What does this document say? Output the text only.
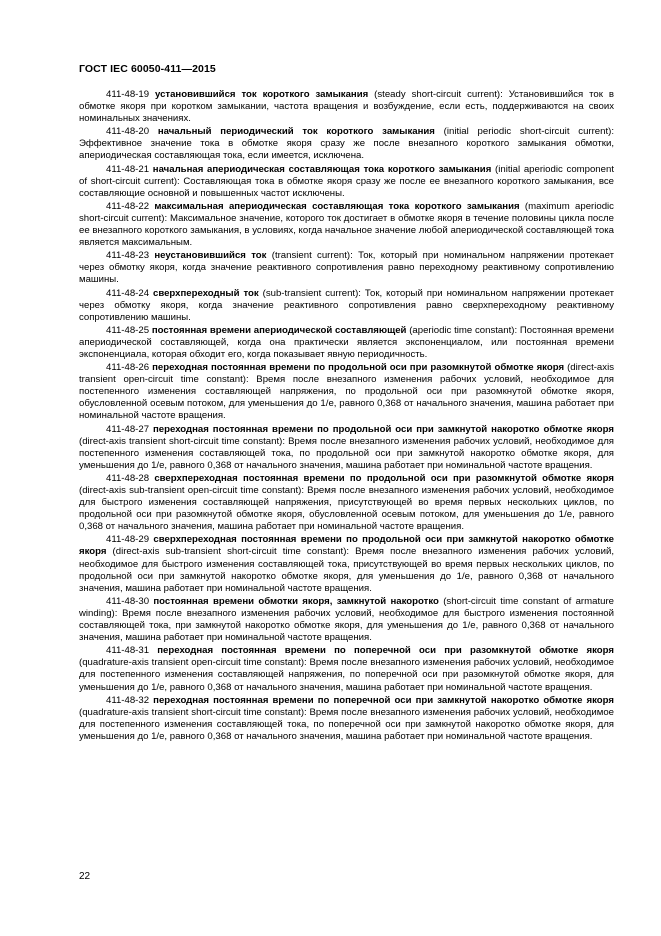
ГОСТ IEC 60050-411—2015

411-48-19 установившийся ток короткого замыкания (steady short-circuit current): Установившийся ток в обмотке якоря при коротком замыкании, частота вращения и возбуждение, если есть, поддерживаются на своих номинальных значениях.

411-48-20 начальный периодический ток короткого замыкания (initial periodic short-circuit current): Эффективное значение тока в обмотке якоря сразу же после внезапного короткого замыкания обмотки, апериодическая составляющая тока, если имеется, исключена.

411-48-21 начальная апериодическая составляющая тока короткого замыкания (initial aperiodic component of short-circuit current): Составляющая тока в обмотке якоря сразу же после ее внезапного короткого замыкания, все составляющие основной и повышенных частот исключены.

411-48-22 максимальная апериодическая составляющая тока короткого замыкания (maximum aperiodic short-circuit current): Максимальное значение, которого ток достигает в обмотке якоря в течение половины цикла после ее внезапного короткого замыкания, в условиях, когда начальное значение любой апериодической составляющей тока является максимальным.

411-48-23 неустановившийся ток (transient current): Ток, который при номинальном напряжении протекает через обмотку якоря, когда значение реактивного сопротивления равно переходному реактивному сопротивлению машины.

411-48-24 сверхпереходный ток (sub-transient current): Ток, который при номинальном напряжении протекает через обмотку якоря, когда значение реактивного сопротивления равно сверхпереходному реактивному сопротивлению машины.

411-48-25 постоянная времени апериодической составляющей (aperiodic time constant): Постоянная времени апериодической составляющей, когда она практически является экспоненциалом, или постоянная времени экспоненциала, которая обходит его, когда показывает явную периодичность.

411-48-26 переходная постоянная времени по продольной оси при разомкнутой обмотке якоря (direct-axis transient open-circuit time constant): Время после внезапного изменения рабочих условий, необходимое для постепенного изменения составляющей напряжения, по продольной оси при разомкнутой обмотке якоря, обусловленной осевым потоком, для уменьшения до 1/е, равного 0,368 от начального значения, машина работает при номинальной частоте вращения.

411-48-27 переходная постоянная времени по продольной оси при замкнутой накоротко обмотке якоря (direct-axis transient short-circuit time constant): Время после внезапного изменения рабочих условий, необходимое для постепенного изменения составляющей тока, по продольной оси при замкнутой накоротко обмотке якоря, для уменьшения до 1/е, равного 0,368 от начального значения, машина работает при номинальной частоте вращения.

411-48-28 сверхпереходная постоянная времени по продольной оси при разомкнутой обмотке якоря (direct-axis sub-transient open-circuit time constant): Время после внезапного изменения рабочих условий, необходимое для быстрого изменения составляющей напряжения, присутствующей во время первых нескольких циклов, по продольной оси при разомкнутой обмотке якоря, обусловленной осевым потоком, для уменьшения до 1/е, равного 0,368 от начального значения, машина работает при номинальной частоте вращения.

411-48-29 сверхпереходная постоянная времени по продольной оси при замкнутой накоротко обмотке якоря (direct-axis sub-transient short-circuit time constant): Время после внезапного изменения рабочих условий, необходимое для быстрого изменения составляющей тока, присутствующей во время первых нескольких циклов, по продольной оси при замкнутой накоротко обмотке якоря, для уменьшения до 1/е, равного 0,368 от начального значения, машина работает при номинальной частоте вращения.

411-48-30 постоянная времени обмотки якоря, замкнутой накоротко (short-circuit time constant of armature winding): Время после внезапного изменения рабочих условий, необходимое для быстрого изменения постоянной составляющей тока, при замкнутой накоротко обмотке якоря, для уменьшения до 1/е, равного 0,368 от начального значения, машина работает при номинальной частоте вращения.

411-48-31 переходная постоянная времени по поперечной оси при разомкнутой обмотке якоря (quadrature-axis transient open-circuit time constant): Время после внезапного изменения рабочих условий, необходимое для постепенного изменения составляющей напряжения, по поперечной оси при разомкнутой обмотке якоря, для уменьшения до 1/е, равного 0,368 от начального значения, машина работает при номинальной частоте вращения.

411-48-32 переходная постоянная времени по поперечной оси при замкнутой накоротко обмотке якоря (quadrature-axis transient short-circuit time constant): Время после внезапного изменения рабочих условий, необходимое для постепенного изменения составляющей тока, по поперечной оси при замкнутой накоротко обмотке якоря, для уменьшения до 1/е, равного 0,368 от начального значения, машина работает при номинальной частоте вращения.

22
